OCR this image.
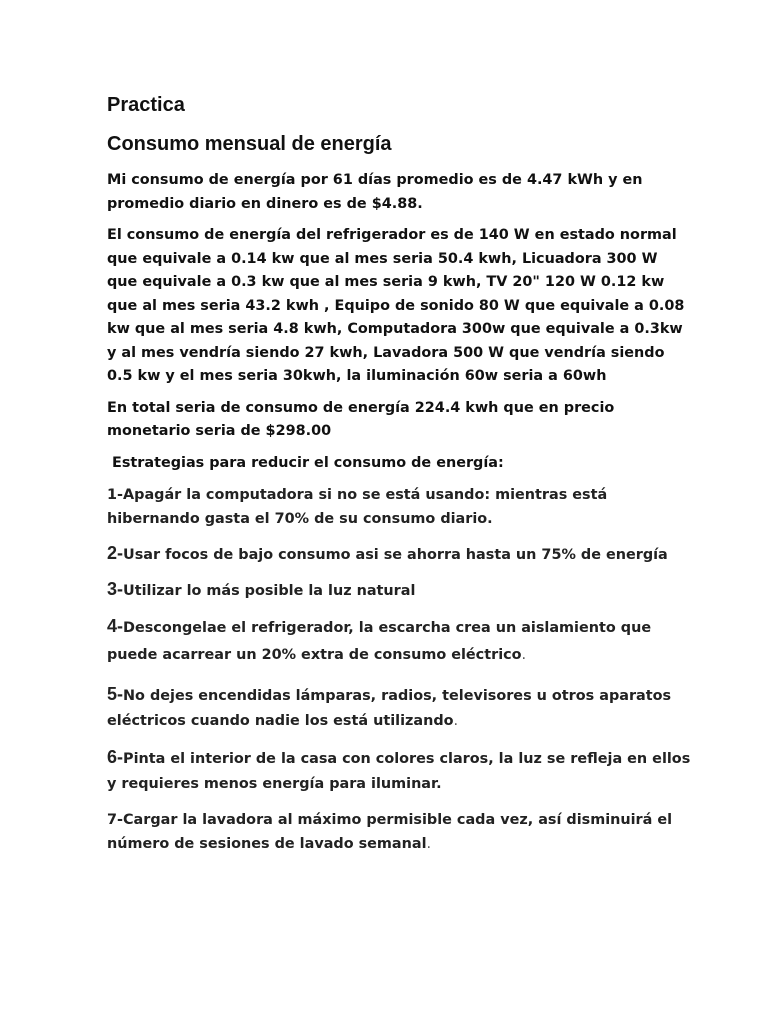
Practica
Consumo mensual de energía

Mi consumo de energía por 61 días promedio es de 4.47 kWh y en promedio diario en dinero es de $4.88.

El consumo de energía del refrigerador es de 140 W en estado normal que equivale a 0.14 kw que al mes seria 50.4 kwh, Licuadora 300 W que equivale a 0.3 kw que al mes seria 9 kwh, TV 20" 120 W 0.12 kw que al mes seria 43.2 kwh , Equipo de sonido 80 W que equivale a 0.08 kw que al mes seria 4.8 kwh, Computadora 300w que equivale a 0.3kw y al mes vendría siendo 27 kwh, Lavadora 500 W que vendría siendo 0.5 kw y el mes seria 30kwh, la iluminación 60w seria a 60wh

En total seria de consumo de energía 224.4 kwh que en precio monetario seria de $298.00

Estrategias para reducir el consumo de energía:

1-Apagár la computadora si no se está usando: mientras está hibernando gasta el 70% de su consumo diario.

2-Usar focos de bajo consumo asi se ahorra hasta un 75% de energía

3-Utilizar lo más posible la luz natural

4-Descongelae el refrigerador, la escarcha crea un aislamiento que puede acarrear un 20% extra de consumo eléctrico.

5-No dejes encendidas lámparas, radios, televisores u otros aparatos eléctricos cuando nadie los está utilizando.

6-Pinta el interior de la casa con colores claros, la luz se refleja en ellos y requieres menos energía para iluminar.

7-Cargar la lavadora al máximo permisible cada vez, así disminuirá el número de sesiones de lavado semanal.
